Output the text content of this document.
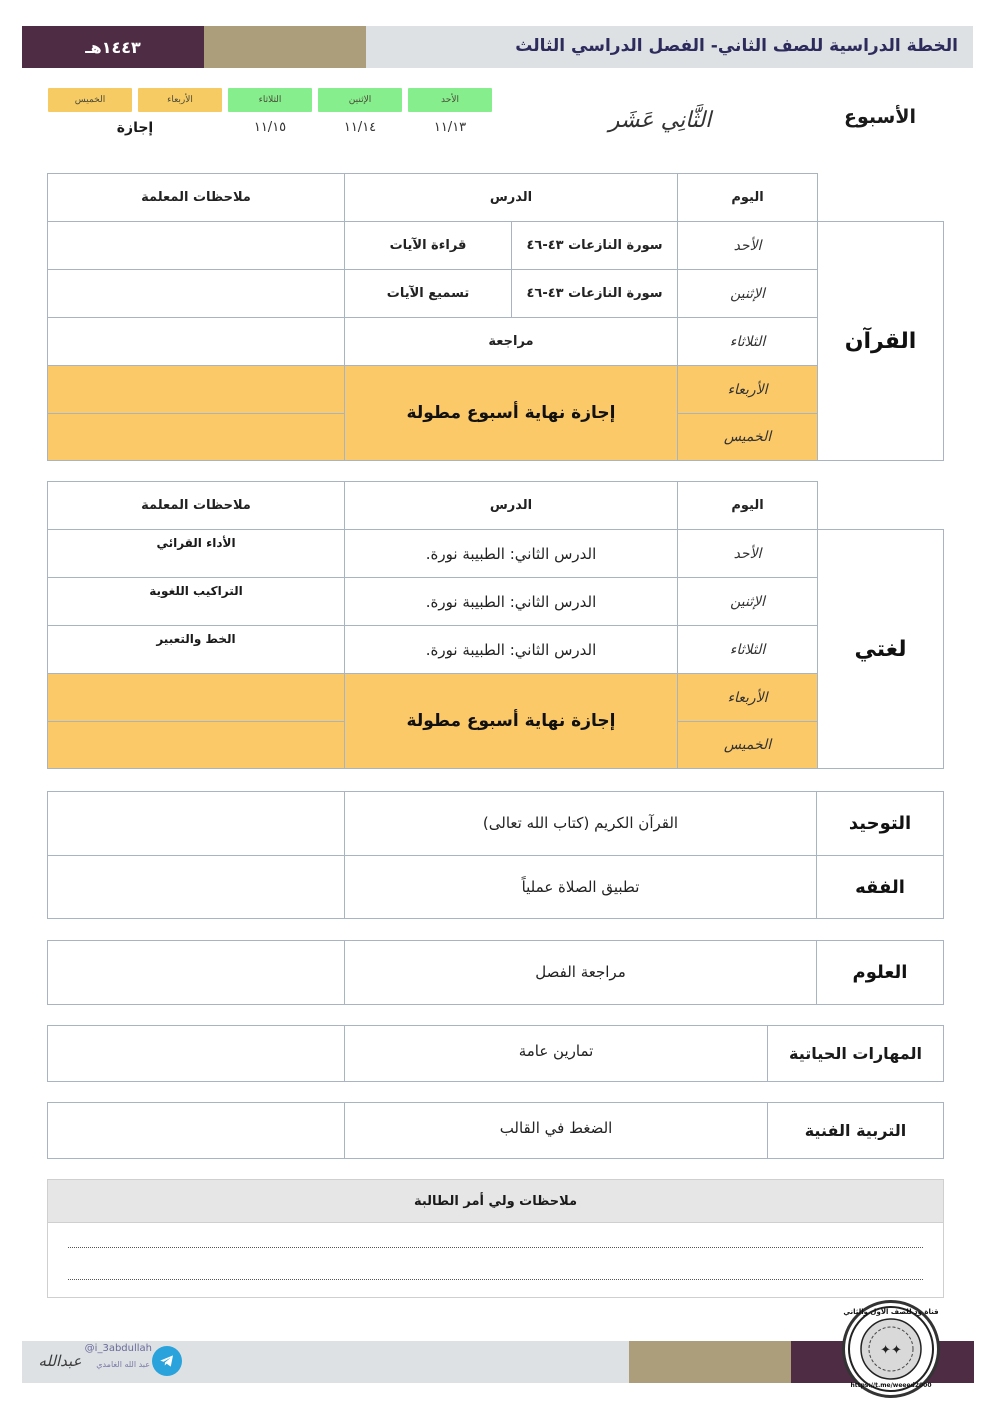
١٤٤٣هـ	الخطة الدراسية للصف الثاني- الفصل الدراسي الثالث
الأسبوع
الثَّانِي عَشَر
الأحد
الإثنين
الثلاثاء
الأربعاء
الخميس
١١/١٣
١١/١٤
١١/١٥
إجازة
اليوم
الدرس
ملاحظات المعلمة
القرآن
الأحد
سورة النازعات ٤٣-٤٦
قراءة الآيات
الإثنين
سورة النازعات ٤٣-٤٦
تسميع الآيات
الثلاثاء
مراجعة
الأربعاء
الخميس
إجازة نهاية أسبوع مطولة
اليوم
الدرس
ملاحظات المعلمة
لغتي
الأحد
الدرس الثاني: الطبيبة نورة.
الأداء القرائي
الإثنين
الدرس الثاني: الطبيبة نورة.
التراكيب اللغوية
الثلاثاء
الدرس الثاني: الطبيبة نورة.
الخط والتعبير
الأربعاء
الخميس
إجازة نهاية أسبوع مطولة
التوحيد
القرآن الكريم (كتاب الله تعالى)
الفقه
تطبيق الصلاة عملياً
العلوم
مراجعة الفصل
المهارات الحياتية
تمارين عامة
التربية الفنية
الضغط في القالب
ملاحظات ولي أمر الطالبة
@i_3abdullah
عبد الله الغامدي
عبدالله
✦✦
قناة ود للصف الأول والثاني
https://t.me/weeed2000
